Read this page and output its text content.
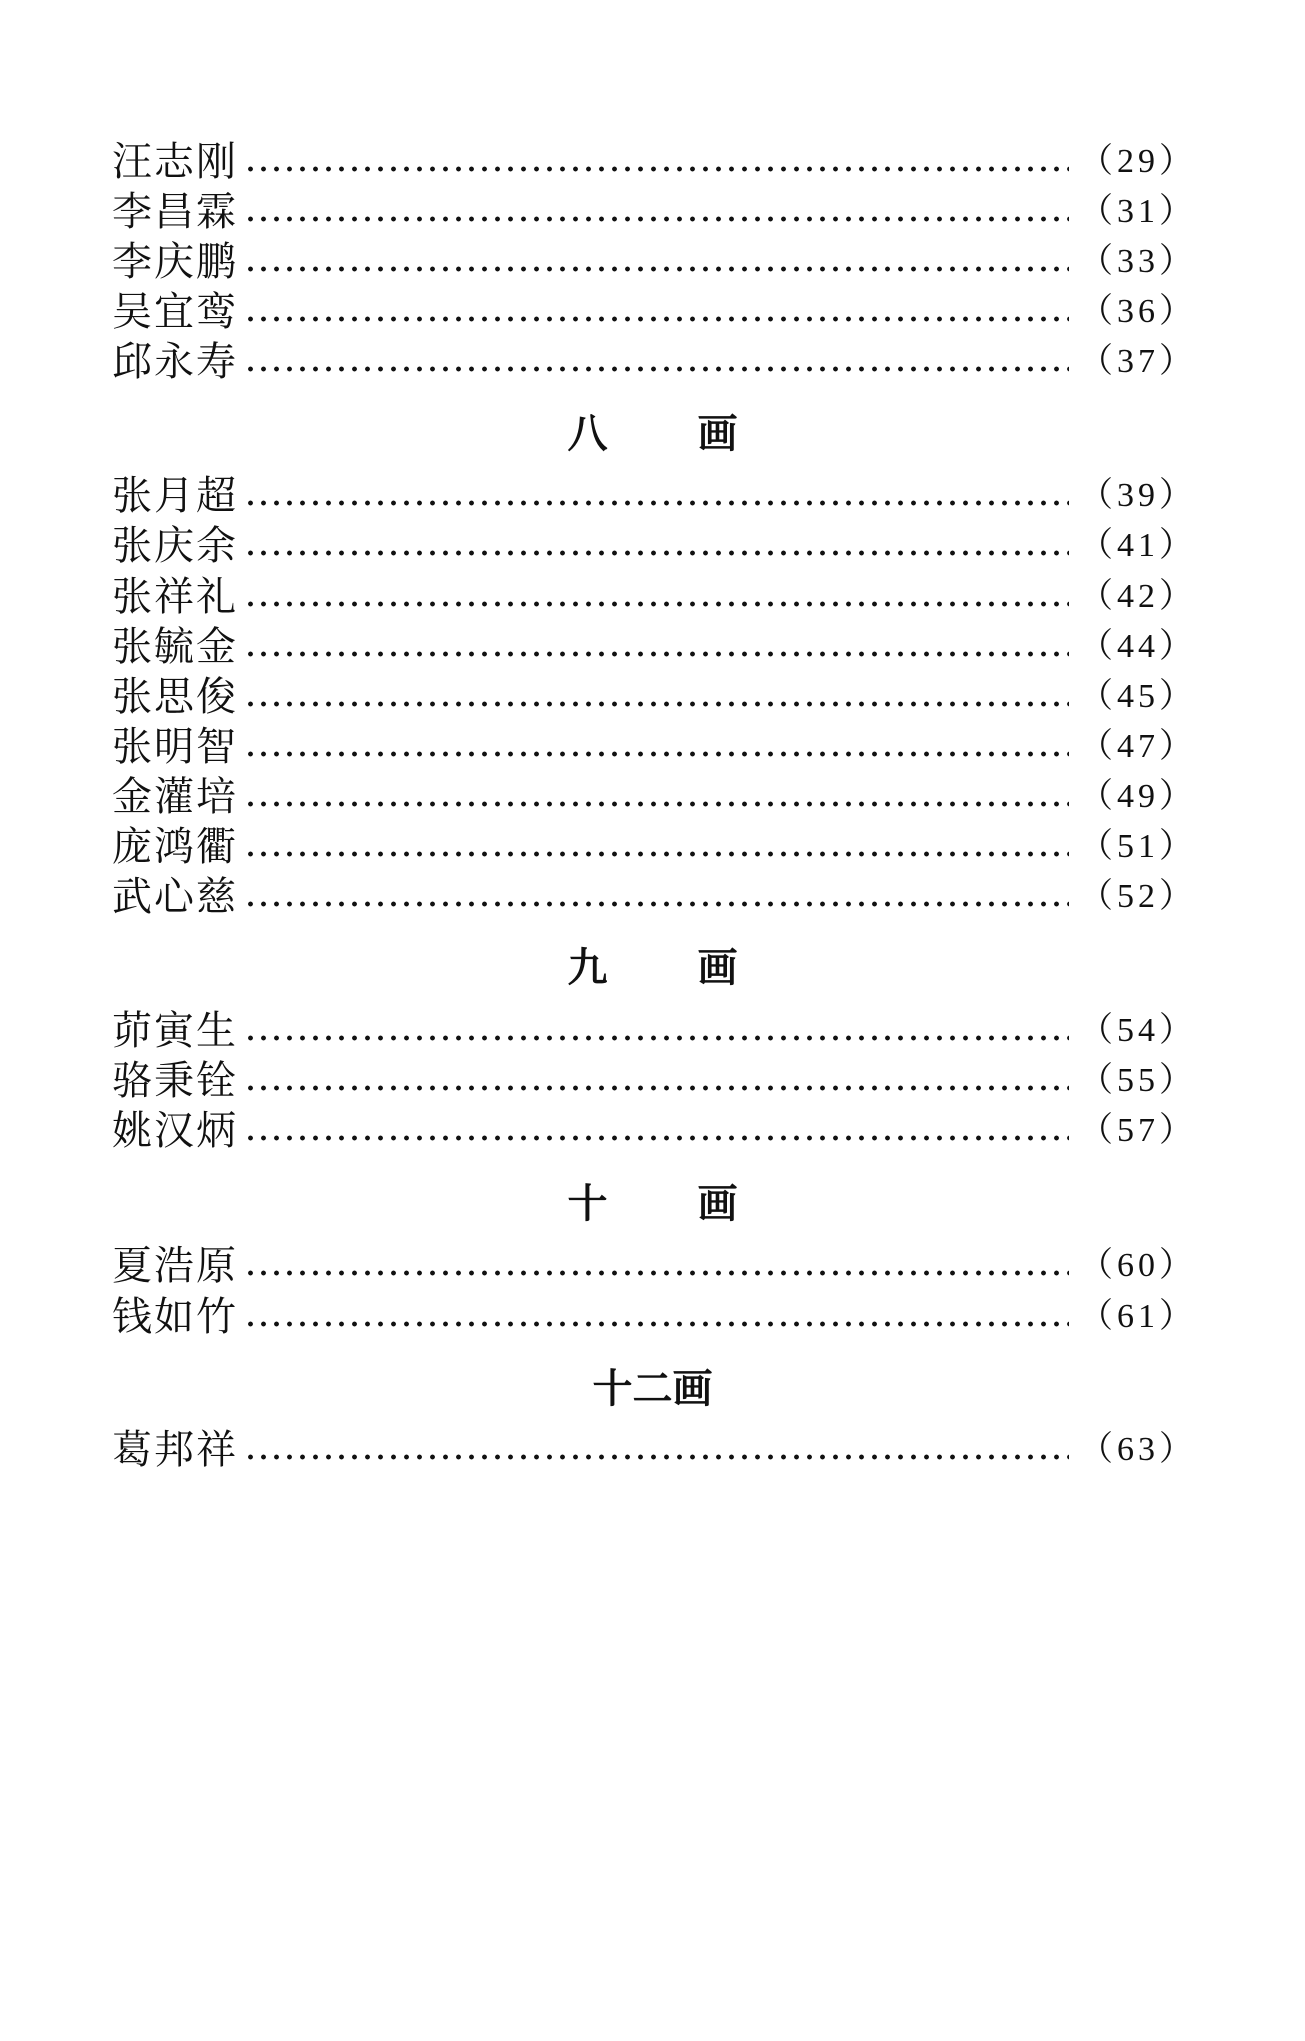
汪志刚	（29）
李昌霖	（31）
李庆鹏	（33）
吴宜鸾	（36）
邱永寿	（37）
八 画
张月超	（39）
张庆余	（41）
张祥礼	（42）
张毓金	（44）
张思俊	（45）
张明智	（47）
金灌培	（49）
庞鸿衢	（51）
武心慈	（52）
九 画
茆寅生	（54）
骆秉铨	（55）
姚汉炳	（57）
十 画
夏浩原	（60）
钱如竹	（61）
十二画
葛邦祥	（63）
